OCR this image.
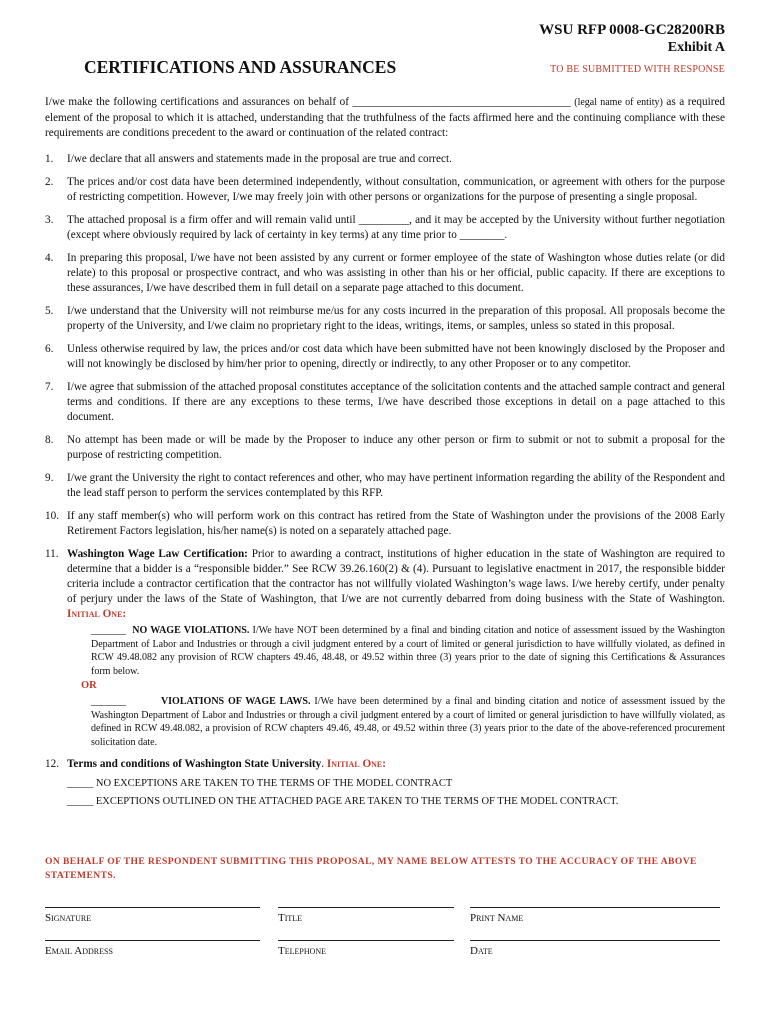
WSU RFP 0008-GC28200RB
Exhibit A
CERTIFICATIONS AND ASSURANCES	TO BE SUBMITTED WITH RESPONSE
I/we make the following certifications and assurances on behalf of _______________________________________ (legal name of entity) as a required element of the proposal to which it is attached, understanding that the truthfulness of the facts affirmed here and the continuing compliance with these requirements are conditions precedent to the award or continuation of the related contract:
1. I/we declare that all answers and statements made in the proposal are true and correct.
2. The prices and/or cost data have been determined independently, without consultation, communication, or agreement with others for the purpose of restricting competition. However, I/we may freely join with other persons or organizations for the purpose of presenting a single proposal.
3. The attached proposal is a firm offer and will remain valid until _________, and it may be accepted by the University without further negotiation (except where obviously required by lack of certainty in key terms) at any time prior to ________.
4. In preparing this proposal, I/we have not been assisted by any current or former employee of the state of Washington whose duties relate (or did relate) to this proposal or prospective contract, and who was assisting in other than his or her official, public capacity. If there are exceptions to these assurances, I/we have described them in full detail on a separate page attached to this document.
5. I/we understand that the University will not reimburse me/us for any costs incurred in the preparation of this proposal. All proposals become the property of the University, and I/we claim no proprietary right to the ideas, writings, items, or samples, unless so stated in this proposal.
6. Unless otherwise required by law, the prices and/or cost data which have been submitted have not been knowingly disclosed by the Proposer and will not knowingly be disclosed by him/her prior to opening, directly or indirectly, to any other Proposer or to any competitor.
7. I/we agree that submission of the attached proposal constitutes acceptance of the solicitation contents and the attached sample contract and general terms and conditions. If there are any exceptions to these terms, I/we have described those exceptions in detail on a page attached to this document.
8. No attempt has been made or will be made by the Proposer to induce any other person or firm to submit or not to submit a proposal for the purpose of restricting competition.
9. I/we grant the University the right to contact references and other, who may have pertinent information regarding the ability of the Respondent and the lead staff person to perform the services contemplated by this RFP.
10. If any staff member(s) who will perform work on this contract has retired from the State of Washington under the provisions of the 2008 Early Retirement Factors legislation, his/her name(s) is noted on a separately attached page.
11. Washington Wage Law Certification: Prior to awarding a contract, institutions of higher education in the state of Washington are required to determine that a bidder is a “responsible bidder.” See RCW 39.26.160(2) & (4). Pursuant to legislative enactment in 2017, the responsible bidder criteria include a contractor certification that the contractor has not willfully violated Washington’s wage laws. I/we hereby certify, under penalty of perjury under the laws of the State of Washington, that I/we are not currently debarred from doing business with the State of Washington. Initial One:
_______ NO WAGE VIOLATIONS. I/We have NOT been determined by a final and binding citation and notice of assessment issued by the Washington Department of Labor and Industries or through a civil judgment entered by a court of limited or general jurisdiction to have willfully violated, as defined in RCW 49.48.082 any provision of RCW chapters 49.46, 48.48, or 49.52 within three (3) years prior to the date of signing this Certifications & Assurances form below.
OR
_______	VIOLATIONS OF WAGE LAWS. I/We have been determined by a final and binding citation and notice of assessment issued by the Washington Department of Labor and Industries or through a civil judgment entered by a court of limited or general jurisdiction to have willfully violated, as defined in RCW 49.48.082, a provision of RCW chapters 49.46, 49.48, or 49.52 within three (3) years prior to the date of the above-referenced procurement solicitation date.
12. Terms and conditions of Washington State University. Initial One:
_____ NO EXCEPTIONS ARE TAKEN TO THE TERMS OF THE MODEL CONTRACT
_____ EXCEPTIONS OUTLINED ON THE ATTACHED PAGE ARE TAKEN TO THE TERMS OF THE MODEL CONTRACT.
ON BEHALF OF THE RESPONDENT SUBMITTING THIS PROPOSAL, MY NAME BELOW ATTESTS TO THE ACCURACY OF THE ABOVE STATEMENTS.
Signature	Title	Print Name
Email Address	Telephone	Date
